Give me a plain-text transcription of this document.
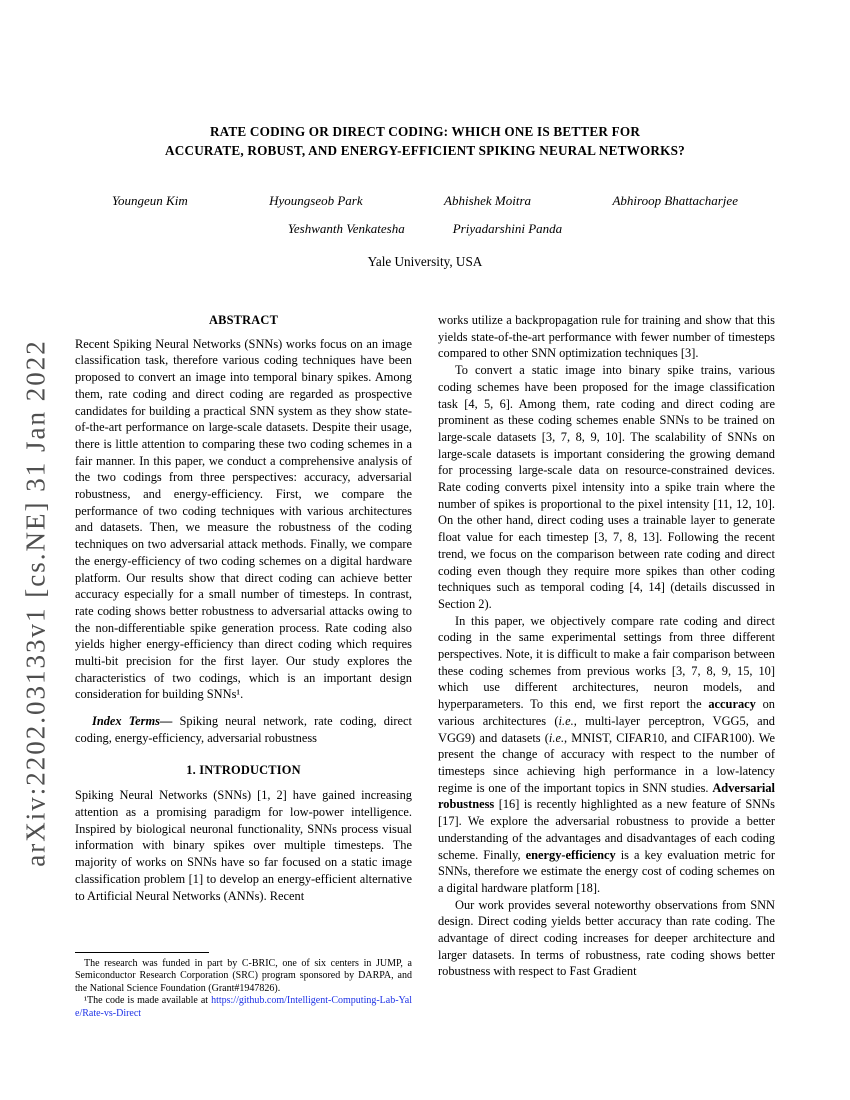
arXiv:2202.03133v1 [cs.NE] 31 Jan 2022
RATE CODING OR DIRECT CODING: WHICH ONE IS BETTER FOR
ACCURATE, ROBUST, AND ENERGY-EFFICIENT SPIKING NEURAL NETWORKS?
Youngeun Kim	Hyoungseob Park	Abhishek Moitra	Abhiroop Bhattacharjee
Yeshwanth Venkatesha	Priyadarshini Panda
Yale University, USA
ABSTRACT

Recent Spiking Neural Networks (SNNs) works focus on an image classification task, therefore various coding techniques have been proposed to convert an image into temporal binary spikes. Among them, rate coding and direct coding are regarded as prospective candidates for building a practical SNN system as they show state-of-the-art performance on large-scale datasets. Despite their usage, there is little attention to comparing these two coding schemes in a fair manner. In this paper, we conduct a comprehensive analysis of the two codings from three perspectives: accuracy, adversarial robustness, and energy-efficiency. First, we compare the performance of two coding techniques with various architectures and datasets. Then, we measure the robustness of the coding techniques on two adversarial attack methods. Finally, we compare the energy-efficiency of two coding schemes on a digital hardware platform. Our results show that direct coding can achieve better accuracy especially for a small number of timesteps. In contrast, rate coding shows better robustness to adversarial attacks owing to the non-differentiable spike generation process. Rate coding also yields higher energy-efficiency than direct coding which requires multi-bit precision for the first layer. Our study explores the characteristics of two codings, which is an important design consideration for building SNNs¹.

Index Terms— Spiking neural network, rate coding, direct coding, energy-efficiency, adversarial robustness

1. INTRODUCTION

Spiking Neural Networks (SNNs) [1, 2] have gained increasing attention as a promising paradigm for low-power intelligence. Inspired by biological neuronal functionality, SNNs process visual information with binary spikes over multiple timesteps. The majority of works on SNNs have so far focused on a static image classification problem [1] to develop an energy-efficient alternative to Artificial Neural Networks (ANNs). Recent

The research was funded in part by C-BRIC, one of six centers in JUMP, a Semiconductor Research Corporation (SRC) program sponsored by DARPA, and the National Science Foundation (Grant#1947826).

¹The code is made available at https://github.com/Intelligent-Computing-Lab-Yale/Rate-vs-Direct

works utilize a backpropagation rule for training and show that this yields state-of-the-art performance with fewer number of timesteps compared to other SNN optimization techniques [3].

To convert a static image into binary spike trains, various coding schemes have been proposed for the image classification task [4, 5, 6]. Among them, rate coding and direct coding are prominent as these coding schemes enable SNNs to be trained on large-scale datasets [3, 7, 8, 9, 10]. The scalability of SNNs on large-scale datasets is important considering the growing demand for processing large-scale data on resource-constrained devices. Rate coding converts pixel intensity into a spike train where the number of spikes is proportional to the pixel intensity [11, 12, 10]. On the other hand, direct coding uses a trainable layer to generate float value for each timestep [3, 7, 8, 13]. Following the recent trend, we focus on the comparison between rate coding and direct coding even though they require more spikes than other coding techniques such as temporal coding [4, 14] (details discussed in Section 2).

In this paper, we objectively compare rate coding and direct coding in the same experimental settings from three different perspectives. Note, it is difficult to make a fair comparison between these coding schemes from previous works [3, 7, 8, 9, 15, 10] which use different architectures, neuron models, and hyperparameters. To this end, we first report the accuracy on various architectures (i.e., multi-layer perceptron, VGG5, and VGG9) and datasets (i.e., MNIST, CIFAR10, and CIFAR100). We present the change of accuracy with respect to the number of timesteps since achieving high performance in a low-latency regime is one of the important topics in SNN studies. Adversarial robustness [16] is recently highlighted as a new feature of SNNs [17]. We explore the adversarial robustness to provide a better understanding of the advantages and disadvantages of each coding scheme. Finally, energy-efficiency is a key evaluation metric for SNNs, therefore we estimate the energy cost of coding schemes on a digital hardware platform [18].

Our work provides several noteworthy observations from SNN design. Direct coding yields better accuracy than rate coding. The advantage of direct coding increases for deeper architecture and larger datasets. In terms of robustness, rate coding shows better robustness with respect to Fast Gradient
